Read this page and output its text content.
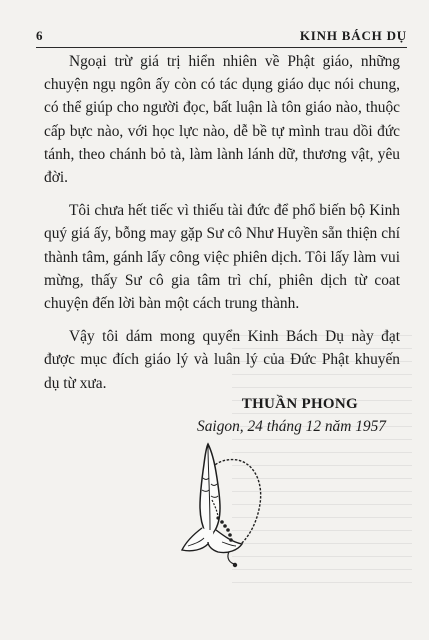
6	KINH BÁCH DỤ

Ngoại trừ giá trị hiển nhiên về Phật giáo, những chuyện ngụ ngôn ấy còn có tác dụng giáo dục nói chung, có thể giúp cho người đọc, bất luận là tôn giáo nào, thuộc cấp bực nào, với học lực nào, dễ bề tự mình trau dồi đức tánh, theo chánh bỏ tà, làm lành lánh dữ, thương vật, yêu đời.

Tôi chưa hết tiếc vì thiếu tài đức để phổ biến bộ Kinh quý giá ấy, bỗng may gặp Sư cô Như Huyền sẵn thiện chí thành tâm, gánh lấy công việc phiên dịch. Tôi lấy làm vui mừng, thấy Sư cô gia tâm trì chí, phiên dịch từ coat chuyện đến lời bàn một cách trung thành.

Vậy tôi dám mong quyển Kinh Bách Dụ này đạt được mục đích giáo lý và luân lý của Đức Phật khuyến dụ từ xưa.

THUẦN PHONG
Saigon, 24 tháng 12 năm 1957
